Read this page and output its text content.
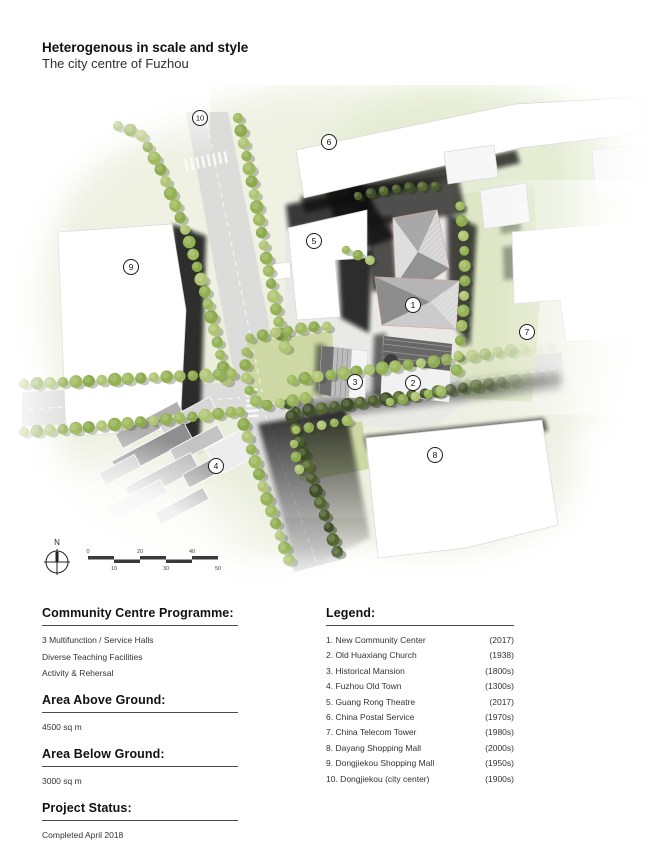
Heterogenous in scale and style
The city centre of Fuzhou
1
2
3
4
5
6
7
8
9
10
N
0	20	40
10	30	50
Community Centre Programme:
3 Multifunction / Service Halls
Diverse Teaching Facilities
Activity & Rehersal
Area Above Ground:
4500 sq m
Area Below Ground:
3000 sq m
Project Status:
Completed April 2018
Legend:
1. New Community Center	(2017)
2. Old Huaxiang Church	(1938)
3. Historical Mansion	(1800s)
4. Fuzhou Old Town	(1300s)
5. Guang Rong Theatre	(2017)
6. China Postal Service	(1970s)
7. China Telecom Tower	(1980s)
8. Dayang Shopping Mall	(2000s)
9. Dongjiekou Shopping Mall	(1950s)
10. Dongjiekou (city center)	(1900s)
